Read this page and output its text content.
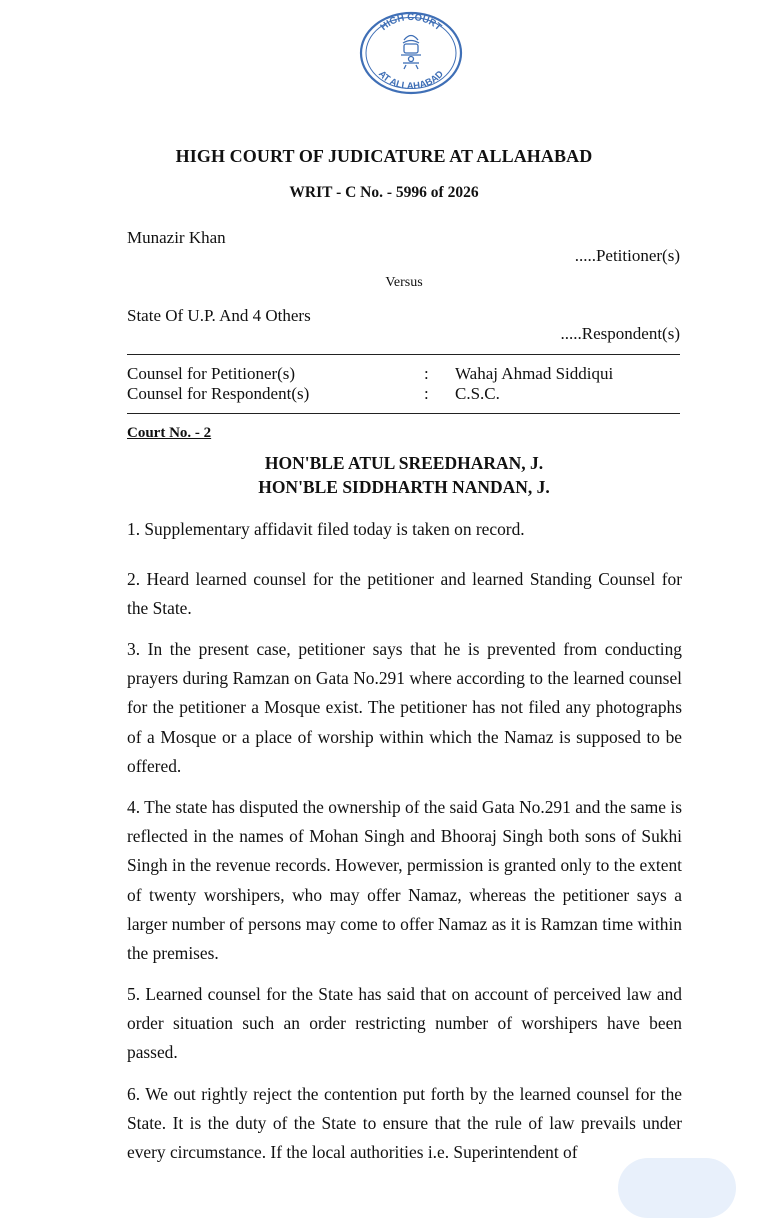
HIGH COURT
AT ALLAHABAD
HIGH COURT OF JUDICATURE AT ALLAHABAD
WRIT - C No. - 5996 of 2026
Munazir Khan
.....Petitioner(s)
Versus
State Of U.P. And 4 Others
.....Respondent(s)
Counsel for Petitioner(s)	: Wahaj Ahmad Siddiqui
Counsel for Respondent(s)	: C.S.C.
Court No. - 2
HON'BLE ATUL SREEDHARAN, J.
HON'BLE SIDDHARTH NANDAN, J.

1. Supplementary affidavit filed today is taken on record.

2. Heard learned counsel for the petitioner and learned Standing Counsel for the State.

3. In the present case, petitioner says that he is prevented from conducting prayers during Ramzan on Gata No.291 where according to the learned counsel for the petitioner a Mosque exist. The petitioner has not filed any photographs of a Mosque or a place of worship within which the Namaz is supposed to be offered.

4. The state has disputed the ownership of the said Gata No.291 and the same is reflected in the names of Mohan Singh and Bhooraj Singh both sons of Sukhi Singh in the revenue records. However, permission is granted only to the extent of twenty worshipers, who may offer Namaz, whereas the petitioner says a larger number of persons may come to offer Namaz as it is Ramzan time within the premises.

5. Learned counsel for the State has said that on account of perceived law and order situation such an order restricting number of worshipers have been passed.

6. We out rightly reject the contention put forth by the learned counsel for the State. It is the duty of the State to ensure that the rule of law prevails under every circumstance. If the local authorities i.e. Superintendent of
